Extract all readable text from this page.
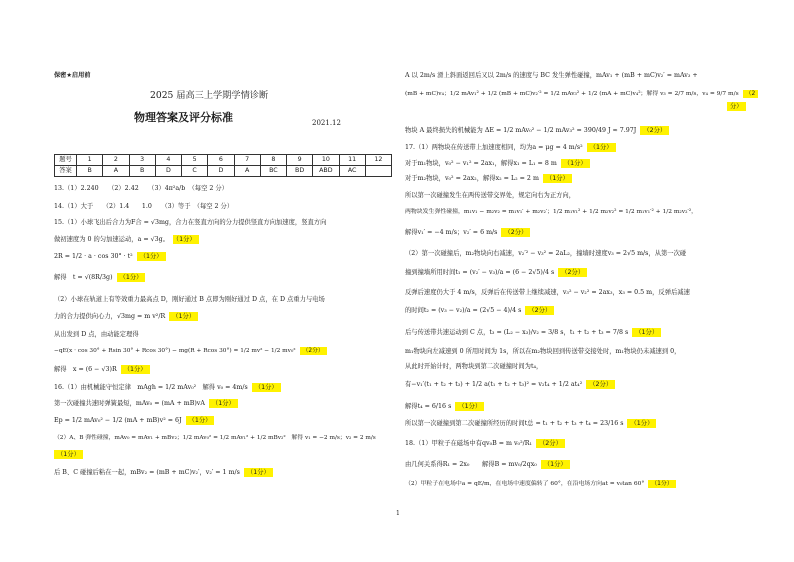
保密★启用前
2025 届高三上学期学情诊断
物理答案及评分标准	2021.12
题号	1	2	3	4	5	6	7	8	9	10	11	12
答案	B	A	B	D	C	D	A	BC	BD	ABD	AC	
13.（1）2.240　　（2）2.42　　（3）4π²a/b　（每空 2 分）
14.（1）大于　　（2）1.4　　1.0　　（3）等于　（每空 2 分）
15.（1）小球飞出后合力为F合 = √3mg，合力在竖直方向的分力提供竖直方向加速度，竖直方向
做初速度为 0 的匀加速运动，a = √3g。 （1分）
2R = 1/2 · a · cos 30° · t² （1分）
解得　t = √(8R/3g) （1分）
（2）小球在轨道上有等效重力最高点 D，刚好通过 B 点即为刚好通过 D 点，在 D 点重力与电场
力的合力提供向心力，√3mg = m v²/R （1分）
从出发到 D 点，由动能定理得
−qE(x · cos 30° + Rsin 30° + Rcos 30°) − mg(R + Rcos 30°) = 1/2 mv² − 1/2 mv₀² （2分）
解得　x = (6 − √3)R （1分）
16.（1）由机械能守恒定律　mAgh = 1/2 mAv₀²　解得 v₀ = 4m/s （1分）
第一次碰撞共速时弹簧最短，mAv₀ = (mA + mB)vA （1分）
Ep = 1/2 mAv₀² − 1/2 (mA + mB)v² = 6J （1分）
（2）A、B 弹性碰撞，mAv₀ = mAv₁ + mBv₂；1/2 mAv₀² = 1/2 mAv₁² + 1/2 mBv₂²　解得 v₁ = −2 m/s；v₂ = 2 m/s
（1分）
后 B、C 碰撞后粘在一起，mBv₂ = (mB + mC)v₂′，v₂′ = 1 m/s （1分）
A 以 2m/s 滑上斜面返回后又以 2m/s 的速度与 BC 发生弹性碰撞，mAv₁ + (mB + mC)v₂′ = mAv₃ +
(mB + mC)v₄；1/2 mAv₁² + 1/2 (mB + mC)v₂′² = 1/2 mAv₃² + 1/2 (mA + mC)v₄²；解得 v₃ = 2/7 m/s，v₄ = 9/7 m/s （2
分）
物块 A 最终损失的机械能为 ΔE = 1/2 mAv₀² − 1/2 mAv₃² = 390/49 J ≈ 7.97J （2分）
17.（1）两物块在传送带上加速度相同，均为a = μg = 4 m/s² （1分）
对于m₁物块，v₀² − v₁² = 2ax₁，解得x₁ = L₁ = 8 m （1分）
对于m₂物块，v₀² = 2ax₂，解得x₂ = L₂ = 2 m （1分）
所以第一次碰撞发生在两传送带交界处，规定向右为正方向，
两物块发生弹性碰撞，m₁v₁ − m₂v₂ = m₁v₁′ + m₂v₂′；1/2 m₁v₁² + 1/2 m₂v₂² = 1/2 m₁v₁′² + 1/2 m₂v₂′²，
解得v₁′ = −4 m/s；v₂′ = 6 m/s （2分）
（2）第一次碰撞后，m₂物块向右减速，v₂′² − v₃² = 2aL₂，撞墙时速度v₃ = 2√5 m/s，从第一次碰
撞到撞墙所用时间t₁ = (v₂′ − v₃)/a = (6 − 2√5)/4 s （2分）
反弹后速度仍大于 4 m/s，反弹后在传送带上继续减速，v₃² − v₂² = 2ax₃，x₃ = 0.5 m，反弹后减速
的时间t₂ = (v₃ − v₂)/a = (2√5 − 4)/4 s （2分）
后与传送带共速运动到 C 点，t₃ = (L₂ − x₃)/v₂ = 3/8 s，t₁ + t₂ + t₃ = 7/8 s （1分）
m₁物块向左减速到 0 所用时间为 1s，所以在m₂物块回到传送带交接处时，m₁物块仍未减速到 0，
从此时开始计时，两物块到第二次碰撞时间为t₄，
有−v₁′(t₁ + t₂ + t₃) + 1/2 a(t₁ + t₂ + t₃)² = v₂t₄ + 1/2 at₄² （2分）
解得t₄ = 6/16 s （1分）
所以第一次碰撞到第二次碰撞所经历的时间t总 = t₁ + t₂ + t₃ + t₄ = 23/16 s （1分）
18.（1）甲粒子在磁场中有qv₀B = m v₀²/R₁ （2分）
由几何关系得R₁ = 2x₀　　解得B = mv₀/2qx₀ （1分）
（2）甲粒子在电场中a = qE/m，在电场中速度偏转了 60°，在沿电场方向at = v₀tan 60° （1分）
1
